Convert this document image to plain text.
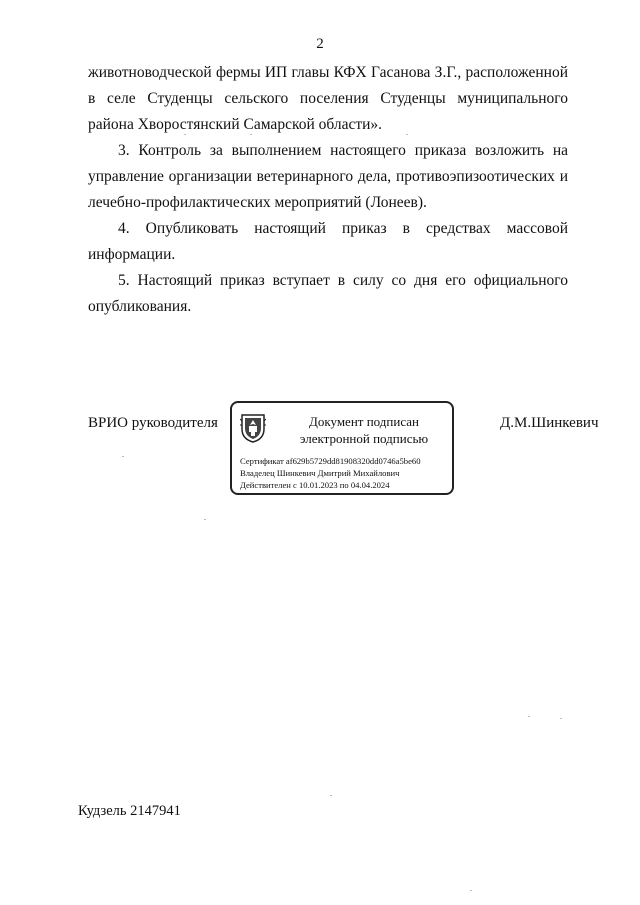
2

животноводческой фермы ИП главы КФХ Гасанова З.Г., расположенной в селе Студенцы сельского поселения Студенцы муниципального района Хворостянский Самарской области».

3. Контроль за выполнением настоящего приказа возложить на управление организации ветеринарного дела, противоэпизоотических и лечебно-профилактических мероприятий (Лонеев).

4. Опубликовать настоящий приказ в средствах массовой информации.

5. Настоящий приказ вступает в силу со дня его официального опубликования.

ВРИО руководителя	Документ подписан
электронной подписью
Сертификат af629b5729dd81908320dd0746a5be60
Владелец Шинкевич Дмитрий Михайлович
Действителен с 10.01.2023 по 04.04.2024
Д.М.Шинкевич
Кудзель 2147941
